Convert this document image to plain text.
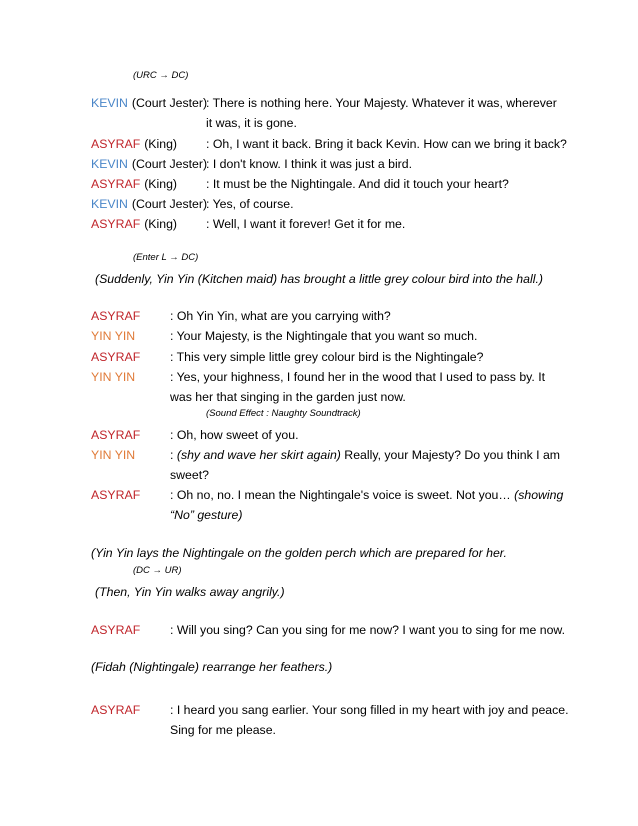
(URC → DC)
KEVIN (Court Jester)
: There is nothing here. Your Majesty. Whatever it was, wherever
it was, it is gone.
ASYRAF (King) : Oh, I want it back. Bring it back Kevin. How can we bring it back?
KEVIN (Court Jester)
: I don't know. I think it was just a bird.
ASYRAF (King) : It must be the Nightingale. And did it touch your heart?
KEVIN (Court Jester)
: Yes, of course.
ASYRAF (King) : Well, I want it forever! Get it for me.
(Enter L → DC)
(Suddenly, Yin Yin (Kitchen maid) has brought a little grey colour bird into the hall.)
ASYRAF : Oh Yin Yin, what are you carrying with?
YIN YIN	: Your Majesty, is the Nightingale that you want so much.
ASYRAF : This very simple little grey colour bird is the Nightingale?
YIN YIN	: Yes, your highness, I found her in the wood that I used to pass by. It
was her that singing in the garden just now.
(Sound Effect : Naughty Soundtrack)
ASYRAF : Oh, how sweet of you.
YIN YIN	: (shy and wave her skirt again) Really, your Majesty? Do you think I am
sweet?
ASYRAF : Oh no, no. I mean the Nightingale's voice is sweet. Not you… (showing
“No” gesture)
(Yin Yin lays the Nightingale on the golden perch which are prepared for her.
(DC → UR)
(Then, Yin Yin walks away angrily.)
ASYRAF : Will you sing? Can you sing for me now? I want you to sing for me now.
(Fidah (Nightingale) rearrange her feathers.)
ASYRAF : I heard you sang earlier. Your song filled in my heart with joy and peace.
Sing for me please.
